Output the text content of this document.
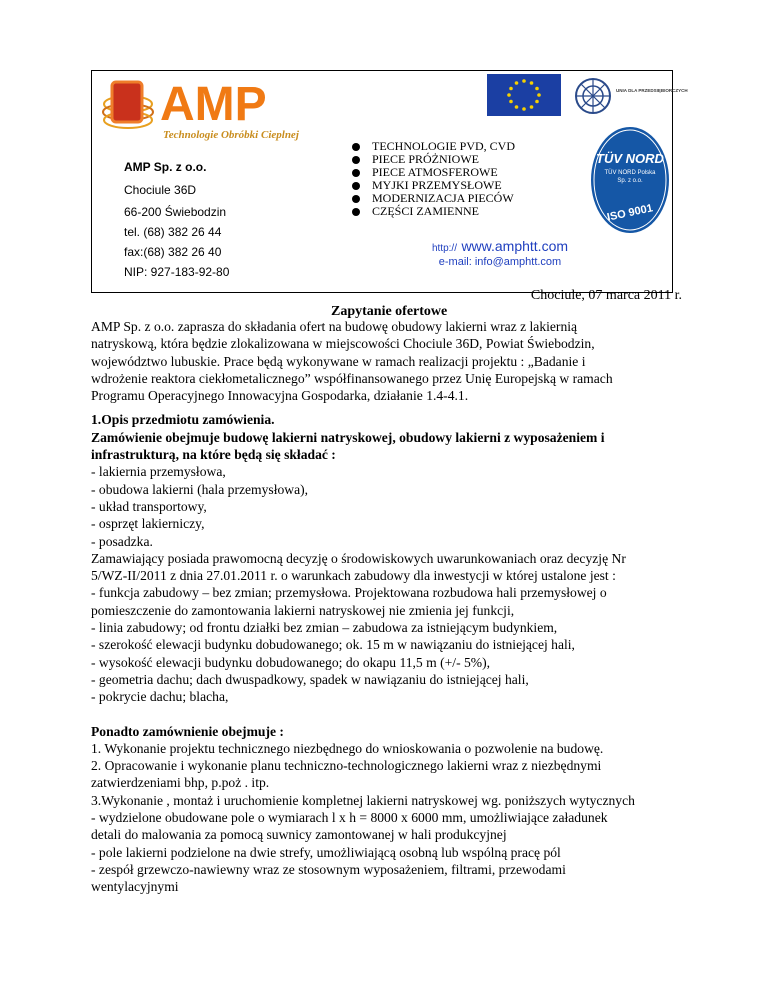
AMP
Technologie Obróbki Cieplnej
AMP Sp. z o.o.
Chociule 36D
66-200 Świebodzin
tel. (68) 382 26 44
fax:(68) 382 26 40
NIP: 927-183-92-80
TECHNOLOGIE PVD, CVD
PIECE PRÓŻNIOWE
PIECE ATMOSFEROWE
MYJKI PRZEMYSŁOWE
MODERNIZACJA PIECÓW
CZĘŚCI ZAMIENNE
UNIA DLA PRZEDSIĘBIORCZYCH
TÜV NORD
TÜV NORD Polska
Sp. z o.o.
ISO 9001
http:// www.amphtt.com
e-mail: info@amphtt.com
Chociule, 07 marca 2011 r.
Zapytanie ofertowe

AMP Sp. z o.o. zaprasza do składania ofert na budowę obudowy lakierni wraz z lakiernią

natryskową, która będzie zlokalizowana w miejscowości Chociule 36D, Powiat Świebodzin,

województwo lubuskie. Prace będą wykonywane w ramach realizacji projektu : „Badanie i

wdrożenie reaktora ciekłometalicznego” współfinansowanego przez Unię Europejską w ramach

Programu Operacyjnego Innowacyjna Gospodarka, działanie 1.4-4.1.

1.Opis przedmiotu zamówienia.

Zamówienie obejmuje budowę lakierni natryskowej, obudowy lakierni z wyposażeniem i

infrastrukturą, na które będą się składać :

- lakiernia przemysłowa,

- obudowa lakierni (hala przemysłowa),

- układ transportowy,

- osprzęt lakierniczy,

- posadzka.

Zamawiający posiada prawomocną decyzję o środowiskowych uwarunkowaniach oraz decyzję Nr

5/WZ-II/2011 z dnia 27.01.2011 r. o warunkach zabudowy dla inwestycji w której ustalone jest :

- funkcja zabudowy – bez zmian; przemysłowa. Projektowana rozbudowa hali przemysłowej o

pomieszczenie do zamontowania lakierni natryskowej nie zmienia jej funkcji,

- linia zabudowy; od frontu działki bez zmian – zabudowa za istniejącym budynkiem,

- szerokość elewacji budynku dobudowanego; ok. 15 m w nawiązaniu do istniejącej hali,

- wysokość elewacji budynku dobudowanego; do okapu 11,5 m (+/- 5%),

- geometria dachu; dach dwuspadkowy, spadek w nawiązaniu do istniejącej hali,

- pokrycie dachu; blacha,

Ponadto zamównienie obejmuje :

1. Wykonanie projektu technicznego niezbędnego do wnioskowania o pozwolenie na budowę.

2. Opracowanie i wykonanie planu techniczno-technologicznego lakierni wraz z niezbędnymi

zatwierdzeniami bhp, p.poż . itp.

3.Wykonanie , montaż i uruchomienie kompletnej lakierni natryskowej wg. poniższych wytycznych

- wydzielone obudowane pole o wymiarach l x h = 8000 x 6000 mm, umożliwiające załadunek

detali do malowania za pomocą suwnicy zamontowanej w hali produkcyjnej

- pole lakierni podzielone na dwie strefy, umożliwiającą osobną lub wspólną pracę pól

- zespół grzewczo-nawiewny wraz ze stosownym wyposażeniem, filtrami, przewodami

wentylacyjnymi
